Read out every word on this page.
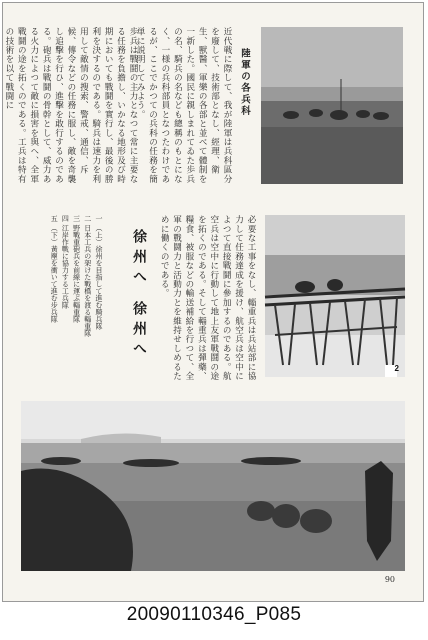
陸軍の各兵科
近代戦に際して、我が陸軍は兵科區分を廢して、技術部となし、經理、衛生、獸醫、軍樂の各部と並べて體制を一新した。國民に親しまれてゐた歩兵の名、騎兵の名なども總稱のもとになく、一様の兵科部員となつたわけであるが、ここでかつての兵科の任務を簡単に説明してみよう。
歩兵は戰鬪の主力となつて常に主要なる任務を負擔し、いかなる地形及び時期においても戰鬪を實行し、最後の勝利を決するのである。騎兵は速力を利用して敵情の搜索、警戒、通信、斥候、傳令などの任務に服し、敵を奇襲し追擊を行ひ、進擊を敢行するのである。砲兵は戰鬪の骨幹として、威力ある火力によつて敵に損害を與へ、全軍戰鬪の途を拓くのである。工兵は特有の技術を以て戰闘に
一 （上）徐州を目指して進む騎兵隊
二 日本工兵の架けた戰橋を渡る輜重隊
三 野戰重砲兵を前線に運ぶ輜重隊
四 江岸作戰に協力する工兵隊
五 （下）黃塵を衝いて進む步兵隊	徐州へ
徐州へ	必要な工事をなし、輜重兵は兵站部に協力して任務達成を援け、航空兵は空中によつて直接戰鬪に參加するのである。航空兵は空中に行動して地上友軍戰鬪の途を拓くのである。そして輜重兵は彈藥、糧食、被服などの輸送補給を行つて、全軍の戰鬪力と活動力とを維持せしめるために働くのである。
2
90
20090110346_P085
